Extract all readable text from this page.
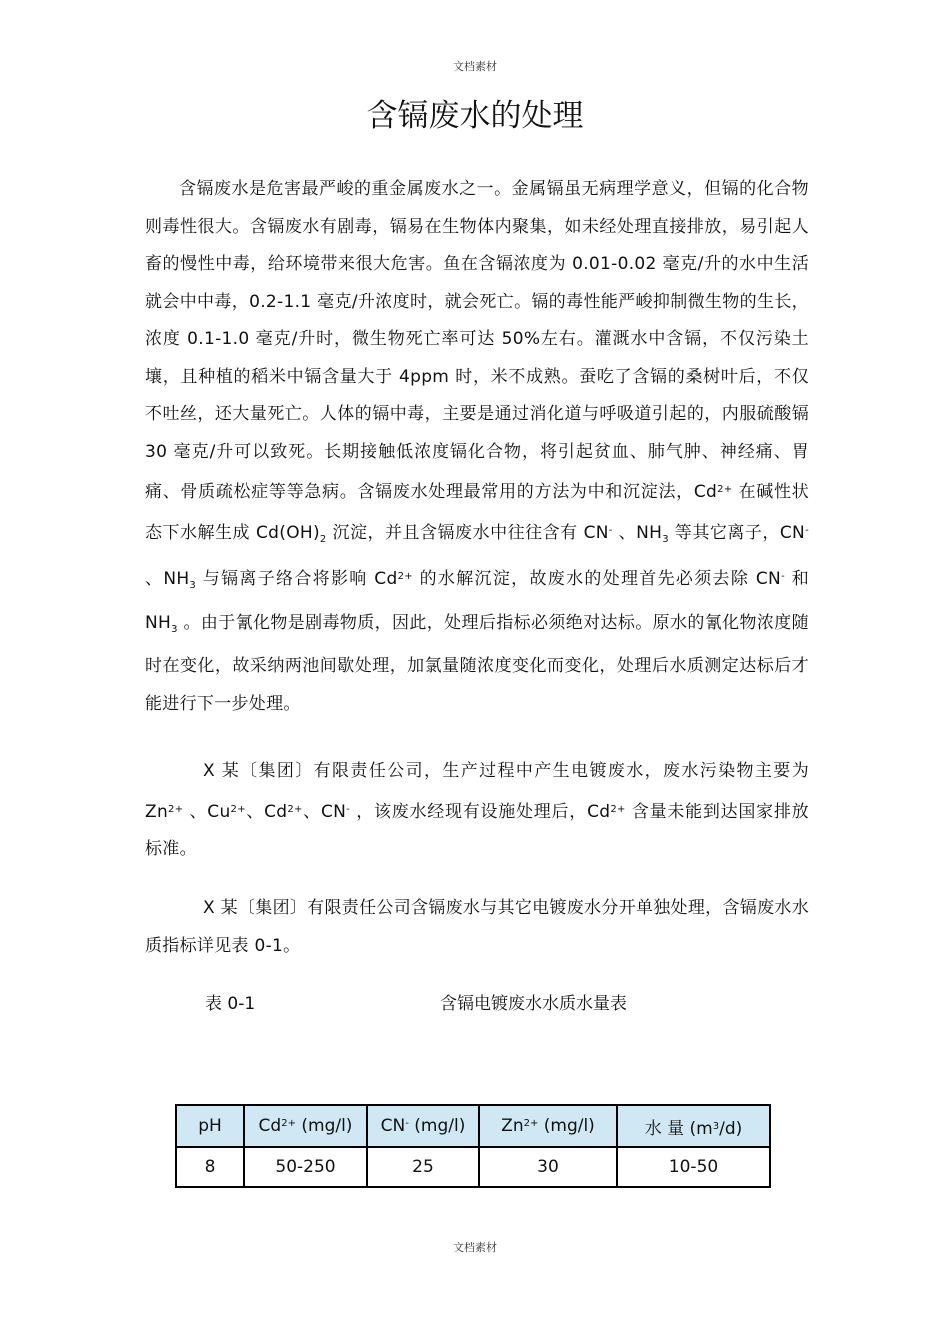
文档素材
含镉废水的处理

含镉废水是危害最严峻的重金属废水之一。金属镉虽无病理学意义，但镉的化合物则毒性很大。含镉废水有剧毒，镉易在生物体内聚集，如未经处理直接排放，易引起人畜的慢性中毒，给环境带来很大危害。鱼在含镉浓度为 0.01-0.02 毫克/升的水中生活就会中中毒，0.2-1.1 毫克/升浓度时，就会死亡。镉的毒性能严峻抑制微生物的生长，浓度 0.1-1.0 毫克/升时，微生物死亡率可达 50%左右。灌溉水中含镉，不仅污染土壤，且种植的稻米中镉含量大于 4ppm 时，米不成熟。蚕吃了含镉的桑树叶后，不仅不吐丝，还大量死亡。人体的镉中毒，主要是通过消化道与呼吸道引起的，内服硫酸镉 30 毫克/升可以致死。长期接触低浓度镉化合物，将引起贫血、肺气肿、神经痛、胃痛、骨质疏松症等等急病。含镉废水处理最常用的方法为中和沉淀法，$Cd^{2+}$ 在碱性状态下水解生成 $Cd(OH)_2$ 沉淀，并且含镉废水中往往含有 CN- 、$NH_3$ 等其它离子，CN- 、$NH_3$ 与镉离子络合将影响 $Cd^{2+}$ 的水解沉淀，故废水的处理首先必须去除 CN- 和 $NH_3$ 。由于氰化物是剧毒物质，因此，处理后指标必须绝对达标。原水的氰化物浓度随时在变化，故采纳两池间歇处理，加氯量随浓度变化而变化，处理后水质测定达标后才能进行下一步处理。

X 某〔集团〕有限责任公司，生产过程中产生电镀废水，废水污染物主要为 $Zn^{2+}$ 、$Cu^{2+}$、$Cd^{2+}$、CN- ，该废水经现有设施处理后，$Cd^{2+}$ 含量未能到达国家排放标准。

X 某〔集团〕有限责任公司含镉废水与其它电镀废水分开单独处理，含镉废水水质指标详见表 0-1。

表 0-1	含镉电镀废水水质水量表
pH	$Cd^{2+}$ (mg/l)	CN- (mg/l)	$Zn^{2+}$ (mg/l)	水 量 $(m^3/d)$
8	50-250	25	30	10-50
文档素材
